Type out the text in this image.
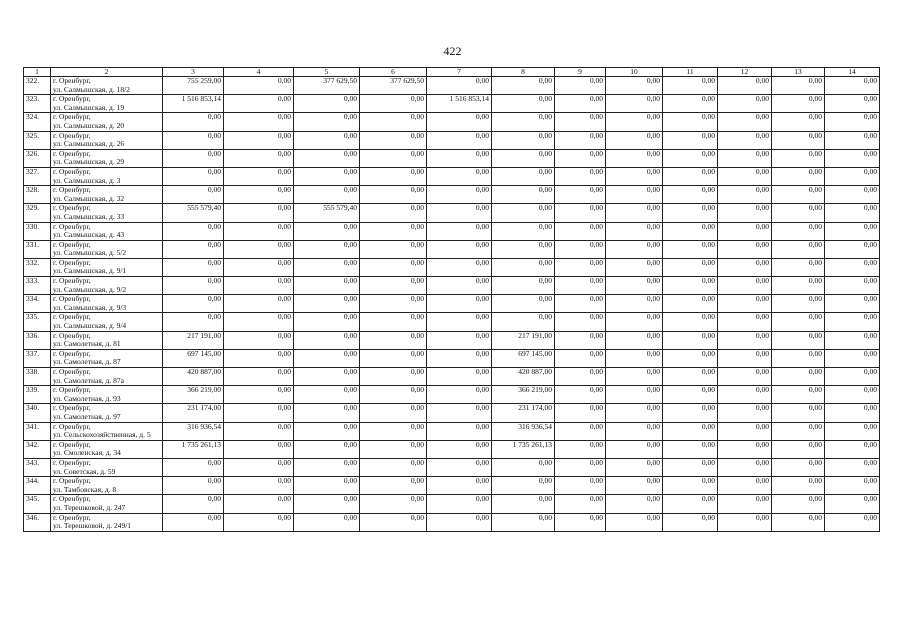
422
1	2	3	4	5	6	7	8	9	10	11	12	13	14
322.	г. Оренбург,
ул. Салмышская, д. 18/2	755 259,00	0,00	377 629,50	377 629,50	0,00	0,00	0,00	0,00	0,00	0,00	0,00	0,00
323.	г. Оренбург,
ул. Салмышская, д. 19	1 516 853,14	0,00	0,00	0,00	1 516 853,14	0,00	0,00	0,00	0,00	0,00	0,00	0,00
324.	г. Оренбург,
ул. Салмышская, д. 20	0,00	0,00	0,00	0,00	0,00	0,00	0,00	0,00	0,00	0,00	0,00	0,00
325.	г. Оренбург,
ул. Салмышская, д. 26	0,00	0,00	0,00	0,00	0,00	0,00	0,00	0,00	0,00	0,00	0,00	0,00
326.	г. Оренбург,
ул. Салмышская, д. 29	0,00	0,00	0,00	0,00	0,00	0,00	0,00	0,00	0,00	0,00	0,00	0,00
327.	г. Оренбург,
ул. Салмышская, д. 3	0,00	0,00	0,00	0,00	0,00	0,00	0,00	0,00	0,00	0,00	0,00	0,00
328.	г. Оренбург,
ул. Салмышская, д. 32	0,00	0,00	0,00	0,00	0,00	0,00	0,00	0,00	0,00	0,00	0,00	0,00
329.	г. Оренбург,
ул. Салмышская, д. 33	555 579,40	0,00	555 579,40	0,00	0,00	0,00	0,00	0,00	0,00	0,00	0,00	0,00
330.	г. Оренбург,
ул. Салмышская, д. 43	0,00	0,00	0,00	0,00	0,00	0,00	0,00	0,00	0,00	0,00	0,00	0,00
331.	г. Оренбург,
ул. Салмышская, д. 5/2	0,00	0,00	0,00	0,00	0,00	0,00	0,00	0,00	0,00	0,00	0,00	0,00
332.	г. Оренбург,
ул. Салмышская, д. 9/1	0,00	0,00	0,00	0,00	0,00	0,00	0,00	0,00	0,00	0,00	0,00	0,00
333.	г. Оренбург,
ул. Салмышская, д. 9/2	0,00	0,00	0,00	0,00	0,00	0,00	0,00	0,00	0,00	0,00	0,00	0,00
334.	г. Оренбург,
ул. Салмышская, д. 9/3	0,00	0,00	0,00	0,00	0,00	0,00	0,00	0,00	0,00	0,00	0,00	0,00
335.	г. Оренбург,
ул. Салмышская, д. 9/4	0,00	0,00	0,00	0,00	0,00	0,00	0,00	0,00	0,00	0,00	0,00	0,00
336.	г. Оренбург,
ул. Самолетная, д. 81	217 191,00	0,00	0,00	0,00	0,00	217 191,00	0,00	0,00	0,00	0,00	0,00	0,00
337.	г. Оренбург,
ул. Самолетная, д. 87	697 145,00	0,00	0,00	0,00	0,00	697 145,00	0,00	0,00	0,00	0,00	0,00	0,00
338.	г. Оренбург,
ул. Самолетная, д. 87а	420 887,00	0,00	0,00	0,00	0,00	420 887,00	0,00	0,00	0,00	0,00	0,00	0,00
339.	г. Оренбург,
ул. Самолетная, д. 93	366 219,00	0,00	0,00	0,00	0,00	366 219,00	0,00	0,00	0,00	0,00	0,00	0,00
340.	г. Оренбург,
ул. Самолетная, д. 97	231 174,00	0,00	0,00	0,00	0,00	231 174,00	0,00	0,00	0,00	0,00	0,00	0,00
341.	г. Оренбург,
ул. Сельскохозяйственная, д. 5	316 936,54	0,00	0,00	0,00	0,00	316 936,54	0,00	0,00	0,00	0,00	0,00	0,00
342.	г. Оренбург,
ул. Смоленская, д. 34	1 735 261,13	0,00	0,00	0,00	0,00	1 735 261,13	0,00	0,00	0,00	0,00	0,00	0,00
343.	г. Оренбург,
ул. Советская, д. 59	0,00	0,00	0,00	0,00	0,00	0,00	0,00	0,00	0,00	0,00	0,00	0,00
344.	г. Оренбург,
ул. Тамбовская, д. 8	0,00	0,00	0,00	0,00	0,00	0,00	0,00	0,00	0,00	0,00	0,00	0,00
345.	г. Оренбург,
ул. Терешковой, д. 247	0,00	0,00	0,00	0,00	0,00	0,00	0,00	0,00	0,00	0,00	0,00	0,00
346.	г. Оренбург,
ул. Терешковой, д. 249/1	0,00	0,00	0,00	0,00	0,00	0,00	0,00	0,00	0,00	0,00	0,00	0,00
